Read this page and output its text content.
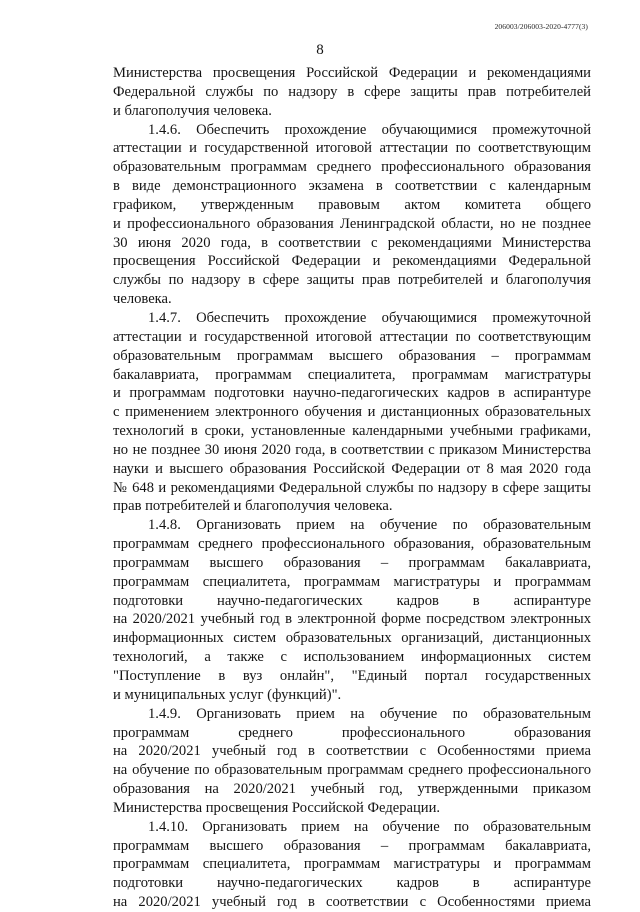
206003/206003-2020-4777(3)
8
Министерства просвещения Российской Федерации и рекомендациями
Федеральной службы по надзору в сфере защиты прав потребителей
и благополучия человека.
1.4.6. Обеспечить прохождение обучающимися промежуточной
аттестации и государственной итоговой аттестации по соответствующим
образовательным программам среднего профессионального образования
в виде демонстрационного экзамена в соответствии с календарным
графиком, утвержденным правовым актом комитета общего
и профессионального образования Ленинградской области, но не позднее
30 июня 2020 года, в соответствии с рекомендациями Министерства
просвещения Российской Федерации и рекомендациями Федеральной
службы по надзору в сфере защиты прав потребителей и благополучия
человека.
1.4.7. Обеспечить прохождение обучающимися промежуточной
аттестации и государственной итоговой аттестации по соответствующим
образовательным программам высшего образования – программам
бакалавриата, программам специалитета, программам магистратуры
и программам подготовки научно-педагогических кадров в аспирантуре
с применением электронного обучения и дистанционных образовательных
технологий в сроки, установленные календарными учебными графиками,
но не позднее 30 июня 2020 года, в соответствии с приказом Министерства
науки и высшего образования Российской Федерации от 8 мая 2020 года
№ 648 и рекомендациями Федеральной службы по надзору в сфере защиты
прав потребителей и благополучия человека.
1.4.8. Организовать прием на обучение по образовательным
программам среднего профессионального образования, образовательным
программам высшего образования – программам бакалавриата,
программам специалитета, программам магистратуры и программам
подготовки научно-педагогических кадров в аспирантуре
на 2020/2021 учебный год в электронной форме посредством электронных
информационных систем образовательных организаций, дистанционных
технологий, а также с использованием информационных систем
"Поступление в вуз онлайн", "Единый портал государственных
и муниципальных услуг (функций)".
1.4.9. Организовать прием на обучение по образовательным
программам среднего профессионального образования
на 2020/2021 учебный год в соответствии с Особенностями приема
на обучение по образовательным программам среднего профессионального
образования на 2020/2021 учебный год, утвержденными приказом
Министерства просвещения Российской Федерации.
1.4.10. Организовать прием на обучение по образовательным
программам высшего образования – программам бакалавриата,
программам специалитета, программам магистратуры и программам
подготовки научно-педагогических кадров в аспирантуре
на 2020/2021 учебный год в соответствии с Особенностями приема
